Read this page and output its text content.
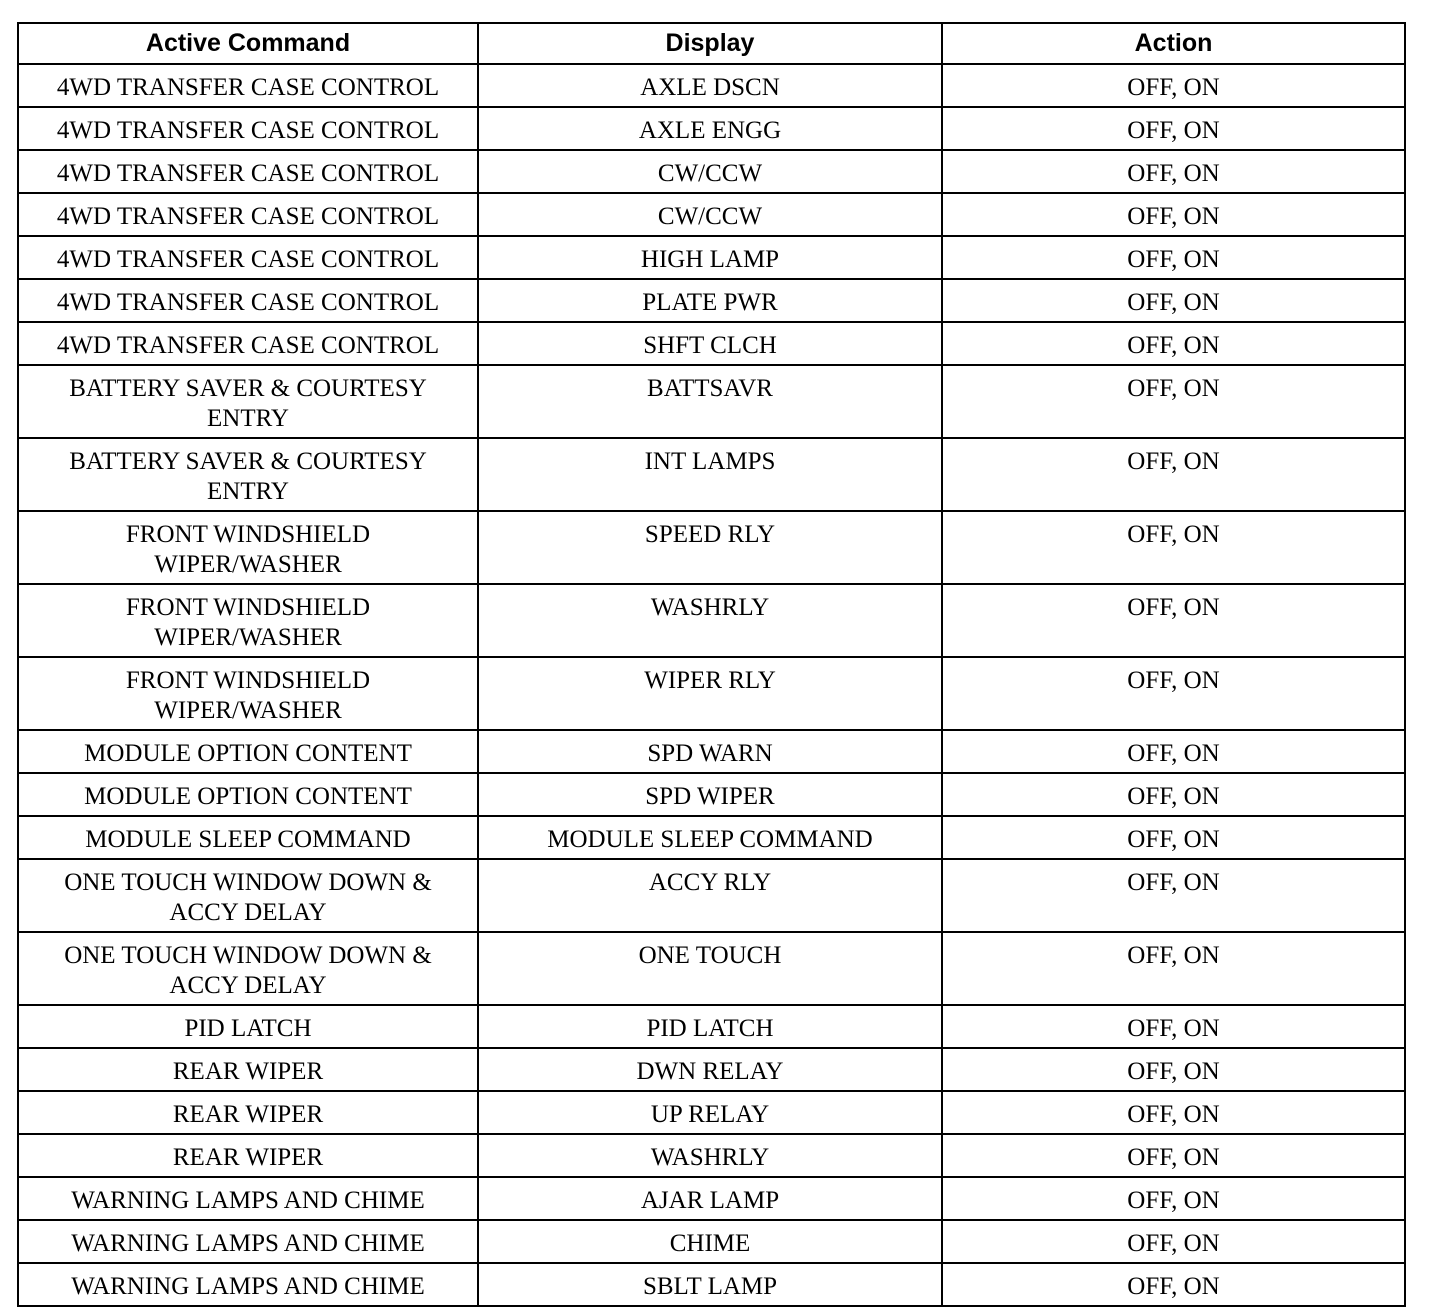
Active Command	Display	Action

4WD TRANSFER CASE CONTROL	AXLE DSCN	OFF, ON

4WD TRANSFER CASE CONTROL	AXLE ENGG	OFF, ON

4WD TRANSFER CASE CONTROL	CW/CCW	OFF, ON

4WD TRANSFER CASE CONTROL	CW/CCW	OFF, ON

4WD TRANSFER CASE CONTROL	HIGH LAMP	OFF, ON

4WD TRANSFER CASE CONTROL	PLATE PWR	OFF, ON

4WD TRANSFER CASE CONTROL	SHFT CLCH	OFF, ON

BATTERY SAVER & COURTESY
ENTRY	BATTSAVR	OFF, ON

BATTERY SAVER & COURTESY
ENTRY	INT LAMPS	OFF, ON

FRONT WINDSHIELD
WIPER/WASHER	SPEED RLY	OFF, ON

FRONT WINDSHIELD
WIPER/WASHER	WASHRLY	OFF, ON

FRONT WINDSHIELD
WIPER/WASHER	WIPER RLY	OFF, ON

MODULE OPTION CONTENT	SPD WARN	OFF, ON

MODULE OPTION CONTENT	SPD WIPER	OFF, ON

MODULE SLEEP COMMAND	MODULE SLEEP COMMAND	OFF, ON

ONE TOUCH WINDOW DOWN &
ACCY DELAY	ACCY RLY	OFF, ON

ONE TOUCH WINDOW DOWN &
ACCY DELAY	ONE TOUCH	OFF, ON

PID LATCH	PID LATCH	OFF, ON

REAR WIPER	DWN RELAY	OFF, ON

REAR WIPER	UP RELAY	OFF, ON

REAR WIPER	WASHRLY	OFF, ON

WARNING LAMPS AND CHIME	AJAR LAMP	OFF, ON

WARNING LAMPS AND CHIME	CHIME	OFF, ON

WARNING LAMPS AND CHIME	SBLT LAMP	OFF, ON
